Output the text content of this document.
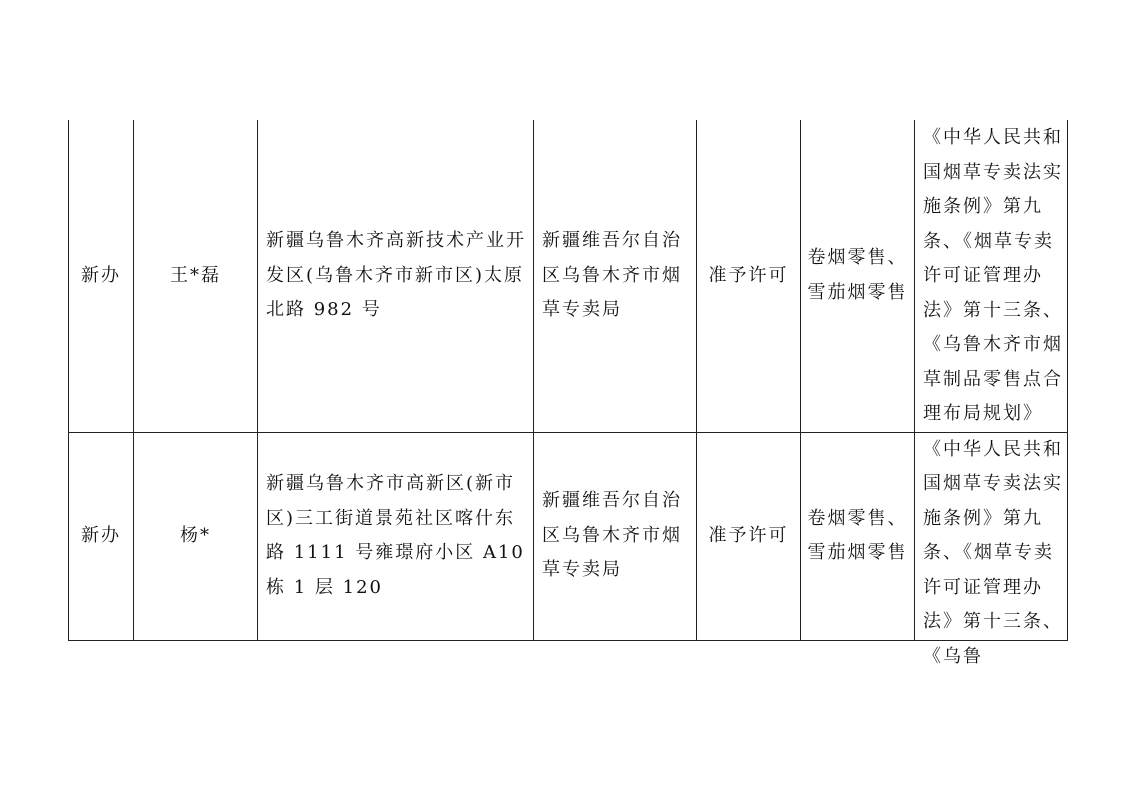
新办	王*磊	新疆乌鲁木齐高新技术产业开发区(乌鲁木齐市新市区)太原北路 982 号	新疆维吾尔自治区乌鲁木齐市烟草专卖局	准予许可	卷烟零售、雪茄烟零售	《中华人民共和国烟草专卖法实施条例》第九条、《烟草专卖许可证管理办法》第十三条、《乌鲁木齐市烟草制品零售点合理布局规划》

新办	杨*	新疆乌鲁木齐市高新区(新市区)三工街道景苑社区喀什东路 1111 号雍璟府小区 A10 栋 1 层 120	新疆维吾尔自治区乌鲁木齐市烟草专卖局	准予许可	卷烟零售、雪茄烟零售	《中华人民共和国烟草专卖法实施条例》第九条、《烟草专卖许可证管理办法》第十三条、《乌鲁
